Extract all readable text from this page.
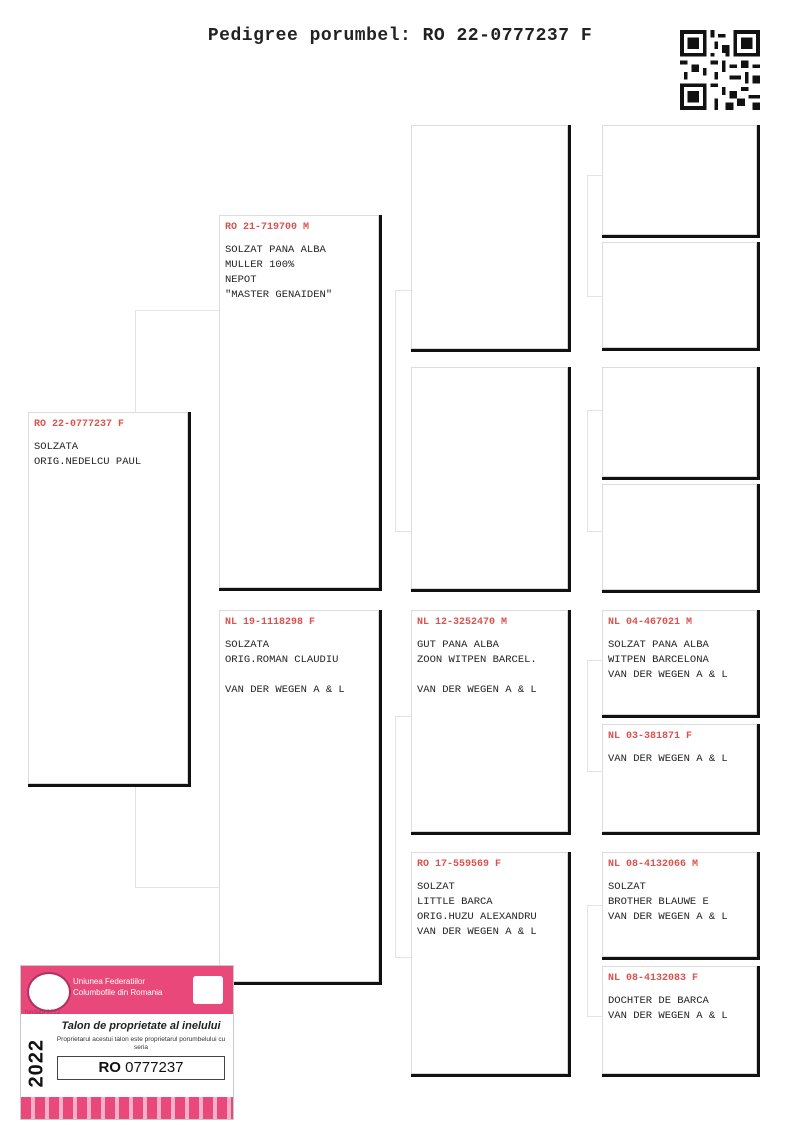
Pedigree porumbel: RO 22-0777237 F
RO 22-0777237 F
SOLZATA
ORIG.NEDELCU PAUL
RO 21-719700 M
SOLZAT PANA ALBA
MULLER 100%
NEPOT
"MASTER GENAIDEN"
NL 19-1118298 F
SOLZATA
ORIG.ROMAN CLAUDIU

VAN DER WEGEN A & L
NL 12-3252470 M
GUT PANA ALBA
ZOON WITPEN BARCEL.

VAN DER WEGEN A & L
RO 17-559569 F
SOLZAT
LITTLE BARCA
ORIG.HUZU ALEXANDRU
VAN DER WEGEN A & L
NL 04-467021 M
SOLZAT PANA ALBA
WITPEN BARCELONA
VAN DER WEGEN A & L
NL 03-381871 F
VAN DER WEGEN A & L
NL 08-4132066 M
SOLZAT
BROTHER BLAUWE E
VAN DER WEGEN A & L
NL 08-4132083 F
DOCHTER DE BARCA
VAN DER WEGEN A & L
Uniunea Federatiilor Columbofile din Romania
fondata 2012
Talon de proprietate al inelului
Proprietarul acestui talon este proprietarul porumbelului cu seria
2022	RO 0777237
